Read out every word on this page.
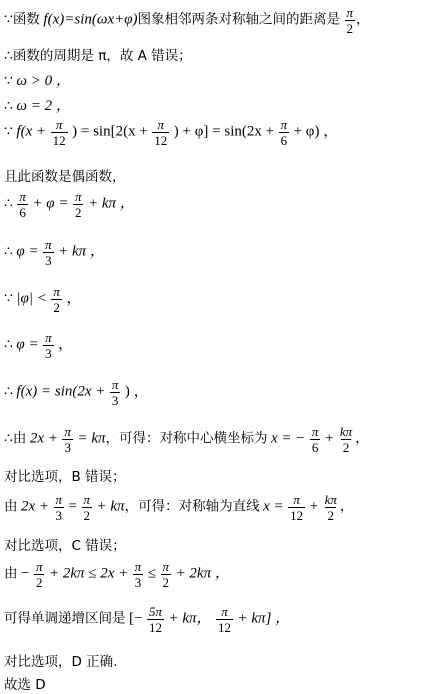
∵函数 f(x)=sin(ωx+φ)图象相邻两条对称轴之间的距离是 $\frac{\pi}{2}$ ，
∴函数的周期是 π，故 A 错误；
∵ ω > 0 ，
∴ ω = 2 ，
∵ $f(x + \frac{\pi}{12}$ ) = $\sin[2(x + \frac{\pi}{12}$ ) + $\varphi] = \sin(2x + \frac{\pi}{6} + \varphi)$ ，
且此函数是偶函数，
∴ $\frac{\pi}{6} + \varphi = \frac{\pi}{2} + k\pi$ ，
∴ $\varphi = \frac{\pi}{3} + k\pi$ ，
∵ $|\varphi| < \frac{\pi}{2}$ ，
∴ $\varphi = \frac{\pi}{3}$ ，
∴ $f(x) = \sin(2x + \frac{\pi}{3}$ ) ，
∴由 $2x + \frac{\pi}{3} = k\pi$，可得：对称中心横坐标为 x = − $\frac{\pi}{6} + \frac{k\pi}{2}$ ，
对比选项，B 错误；
由 $2x + \frac{\pi}{3} = \frac{\pi}{2} + k\pi$，可得：对称轴为直线 $x = \frac{\pi}{12} + \frac{k\pi}{2}$ ，
对比选项，C 错误；
由 − $\frac{\pi}{2} + 2k\pi \le 2x + \frac{\pi}{3} \le \frac{\pi}{2} + 2k\pi$ ，
可得单调递增区间是 [− $\frac{5\pi}{12} + k\pi$， $\frac{\pi}{12} + k\pi$] ，
对比选项，D 正确.
故选 D
